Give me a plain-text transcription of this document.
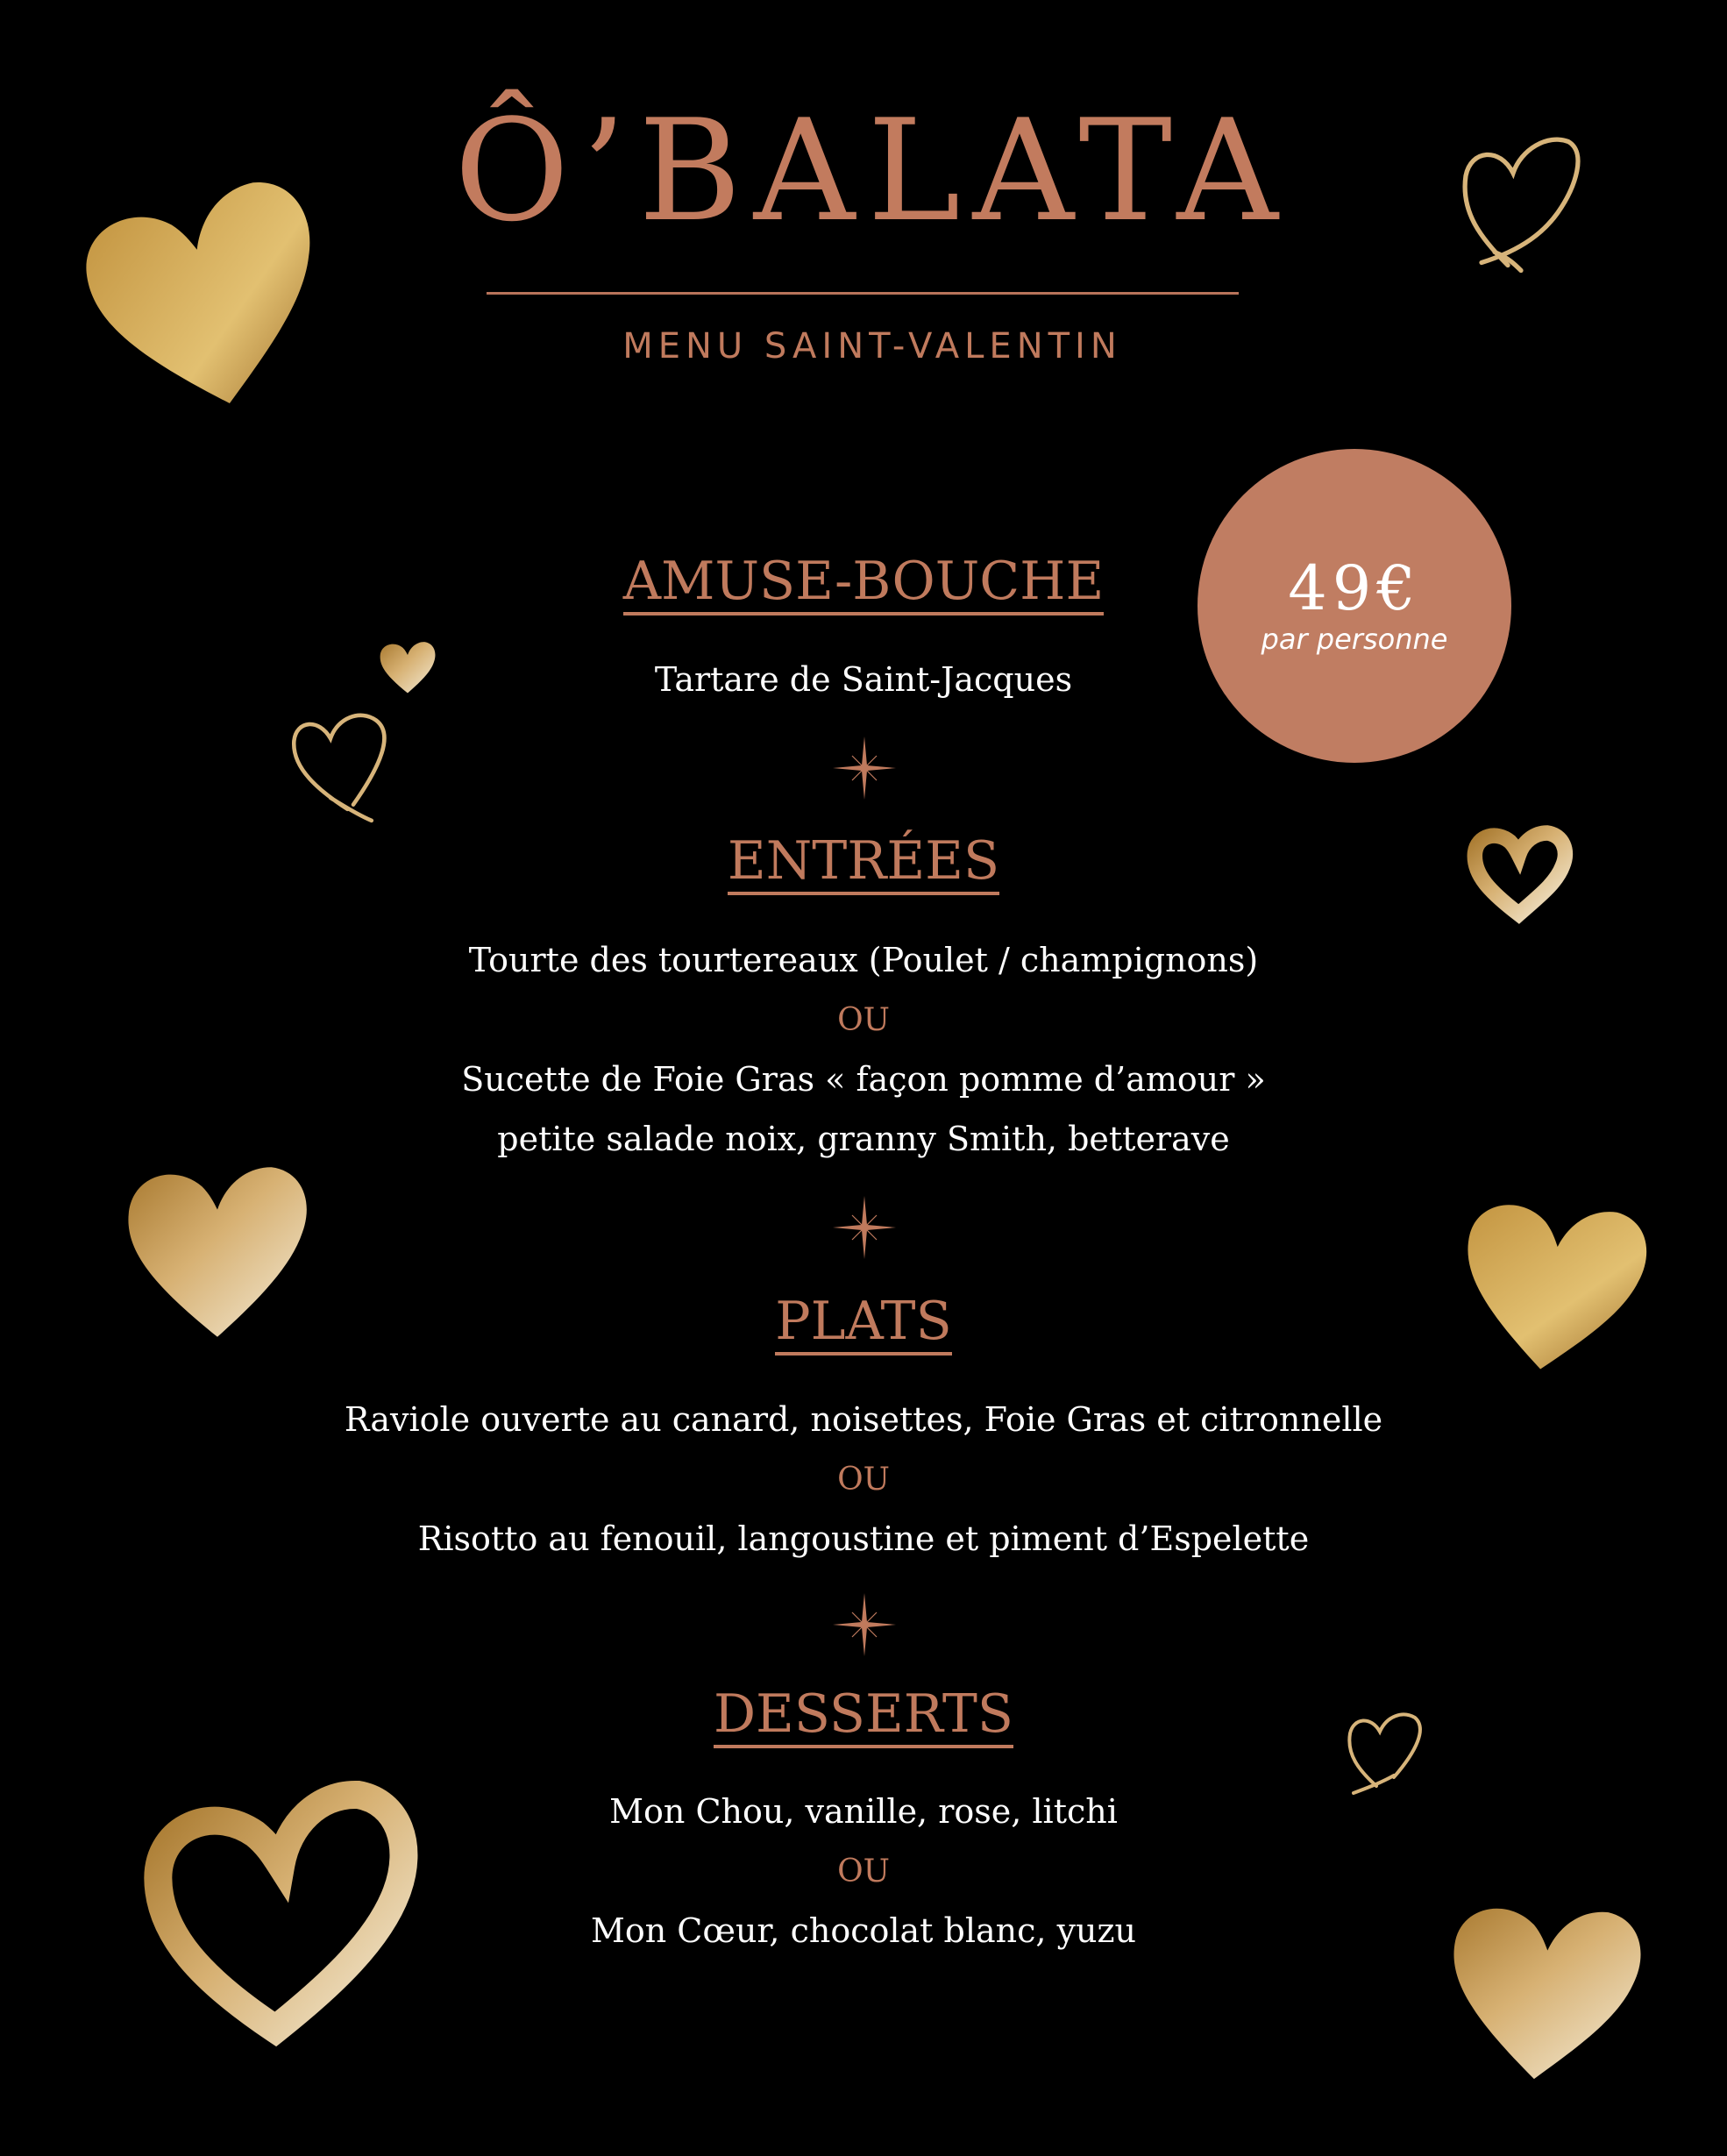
Ô’BALATA
MENU SAINT-VALENTIN
49€
par personne
AMUSE-BOUCHE
Tartare de Saint-Jacques
ENTRÉES
Tourte des tourtereaux (Poulet / champignons)
OU
Sucette de Foie Gras « façon pomme d’amour »
petite salade noix, granny Smith, betterave
PLATS
Raviole ouverte au canard, noisettes, Foie Gras et citronnelle
OU
Risotto au fenouil, langoustine et piment d’Espelette
DESSERTS
Mon Chou, vanille, rose, litchi
OU
Mon Cœur, chocolat blanc, yuzu
